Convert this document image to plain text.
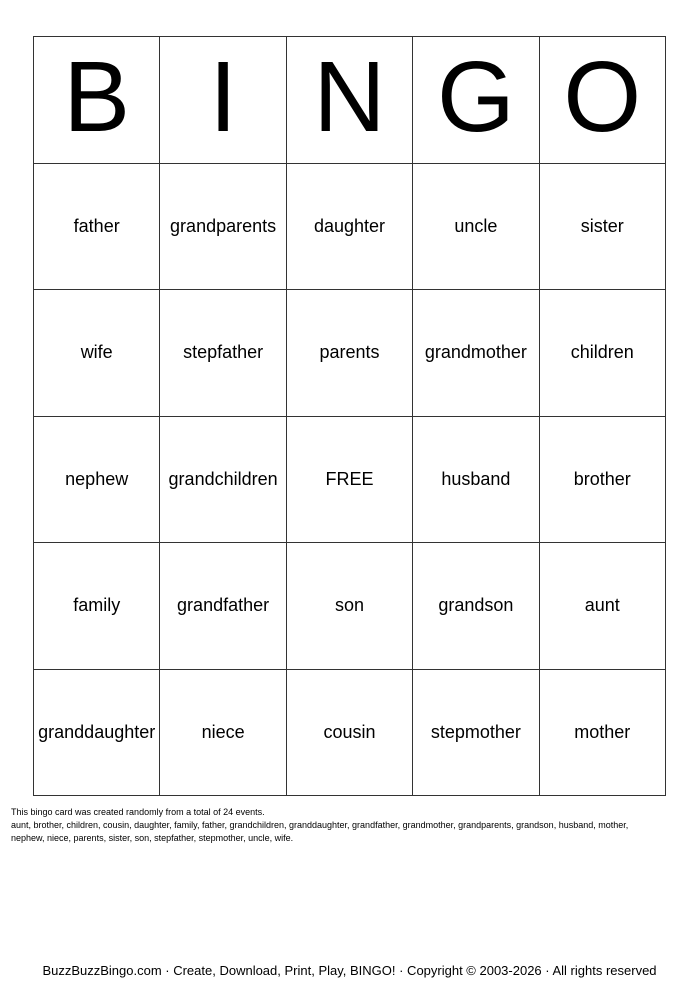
B I N G O
father	grandparents	daughter	uncle	sister
wife	stepfather	parents	grandmother	children
nephew	grandchildren	FREE	husband	brother
family	grandfather	son	grandson	aunt
granddaughter	niece	cousin	stepmother	mother
This bingo card was created randomly from a total of 24 events.
aunt, brother, children, cousin, daughter, family, father, grandchildren, granddaughter, grandfather, grandmother, grandparents, grandson, husband, mother,
nephew, niece, parents, sister, son, stepfather, stepmother, uncle, wife.
BuzzBuzzBingo.com · Create, Download, Print, Play, BINGO! · Copyright © 2003-2026 · All rights reserved
